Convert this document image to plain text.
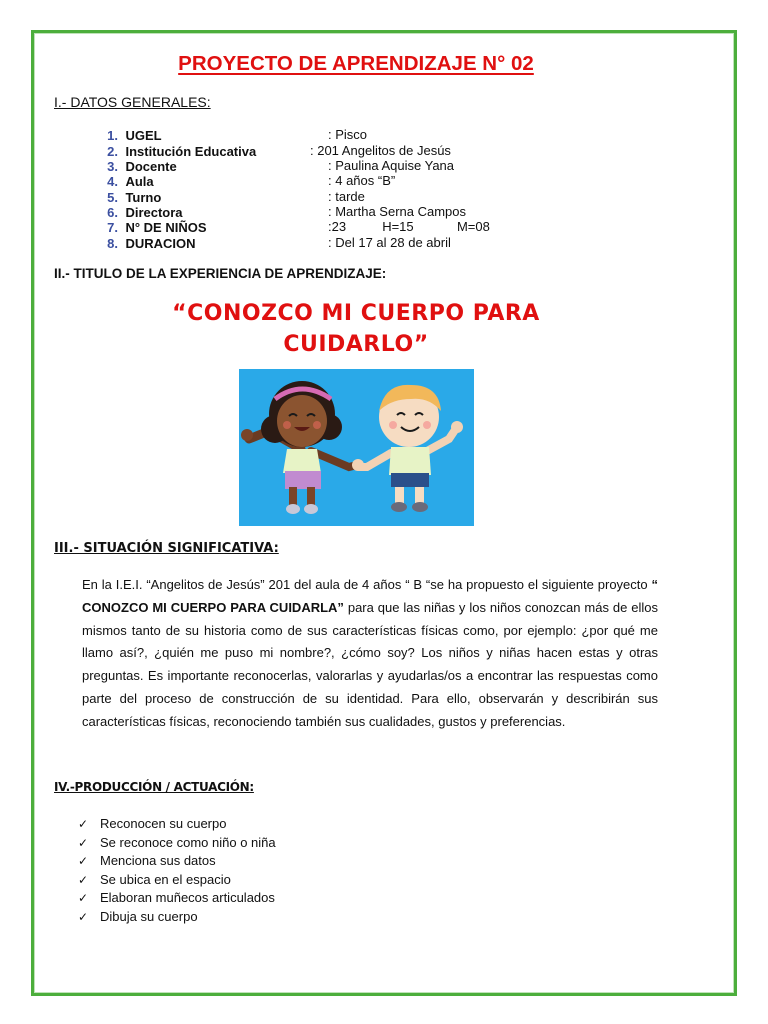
PROYECTO DE APRENDIZAJE N° 02
I.- DATOS GENERALES:
1. UGEL	: Pisco
2. Institución Educativa	: 201 Angelitos de Jesús
3. Docente	: Paulina Aquise Yana
4. Aula	: 4 años “B”
5. Turno	: tarde
6. Directora	: Martha Serna Campos
7. N° DE NIÑOS	:23          H=15            M=08
8. DURACION	: Del 17 al 28 de abril
II.- TITULO DE LA EXPERIENCIA DE APRENDIZAJE:
“CONOZCO MI CUERPO PARA
CUIDARLO”
III.- SITUACIÓN SIGNIFICATIVA:
En la I.E.I. “Angelitos de Jesús” 201 del aula de 4 años “ B “se ha propuesto el siguiente proyecto “ CONOZCO MI CUERPO PARA CUIDARLA” para que las niñas y los niños conozcan más de ellos mismos tanto de su historia como de sus características físicas como, por ejemplo: ¿por qué me llamo así?, ¿quién me puso mi nombre?, ¿cómo soy? Los niños y niñas hacen estas y otras preguntas. Es importante reconocerlas, valorarlas y ayudarlas/os a encontrar las respuestas como parte del proceso de construcción de su identidad. Para ello, observarán y describirán sus características físicas, reconociendo también sus cualidades, gustos y preferencias.
IV.-PRODUCCIÓN / ACTUACIÓN:
✓ Reconocen su cuerpo
✓ Se reconoce como niño o niña
✓ Menciona sus datos
✓ Se ubica en el espacio
✓ Elaboran muñecos articulados
✓ Dibuja su cuerpo
